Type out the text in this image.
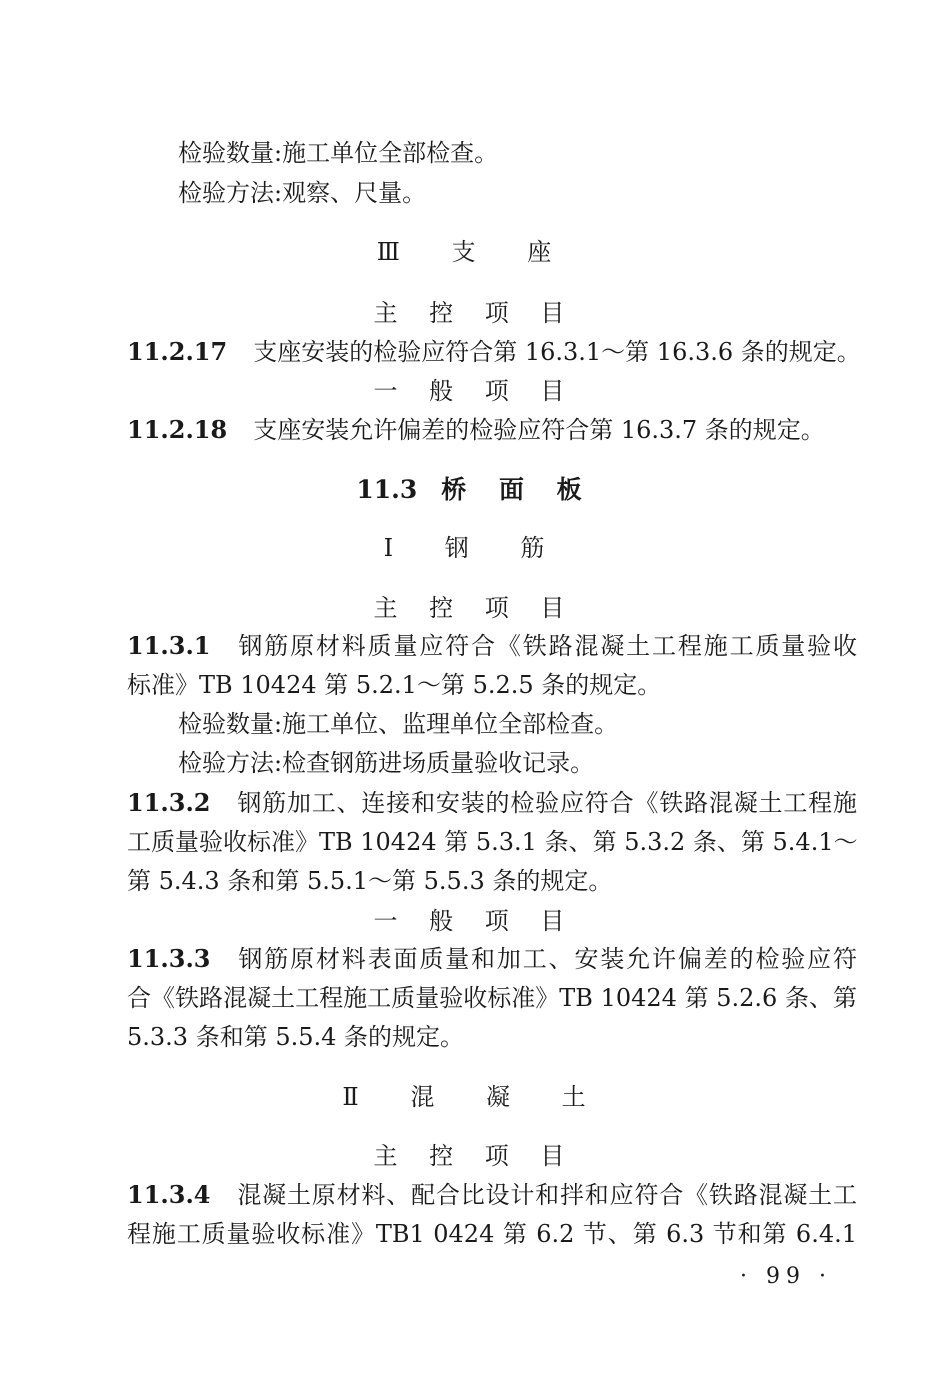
检验数量:施工单位全部检查。
检验方法:观察、尺量。
Ⅲ 支 座
主 控 项 目
11.2.17 支座安装的检验应符合第 16.3.1～第 16.3.6 条的规定。
一 般 项 目
11.2.18 支座安装允许偏差的检验应符合第 16.3.7 条的规定。
11.3 桥 面 板
Ⅰ 钢 筋
主 控 项 目
11.3.1 钢筋原材料质量应符合《铁路混凝土工程施工质量验收
标准》TB 10424 第 5.2.1～第 5.2.5 条的规定。
检验数量:施工单位、监理单位全部检查。
检验方法:检查钢筋进场质量验收记录。
11.3.2 钢筋加工、连接和安装的检验应符合《铁路混凝土工程施
工质量验收标准》TB 10424 第 5.3.1 条、第 5.3.2 条、第 5.4.1～
第 5.4.3 条和第 5.5.1～第 5.5.3 条的规定。
一 般 项 目
11.3.3 钢筋原材料表面质量和加工、安装允许偏差的检验应符
合《铁路混凝土工程施工质量验收标准》TB 10424 第 5.2.6 条、第
5.3.3 条和第 5.5.4 条的规定。
Ⅱ 混 凝 土
主 控 项 目
11.3.4 混凝土原材料、配合比设计和拌和应符合《铁路混凝土工
程施工质量验收标准》TB1 0424 第 6.2 节、第 6.3 节和第 6.4.1
· 99 ·
